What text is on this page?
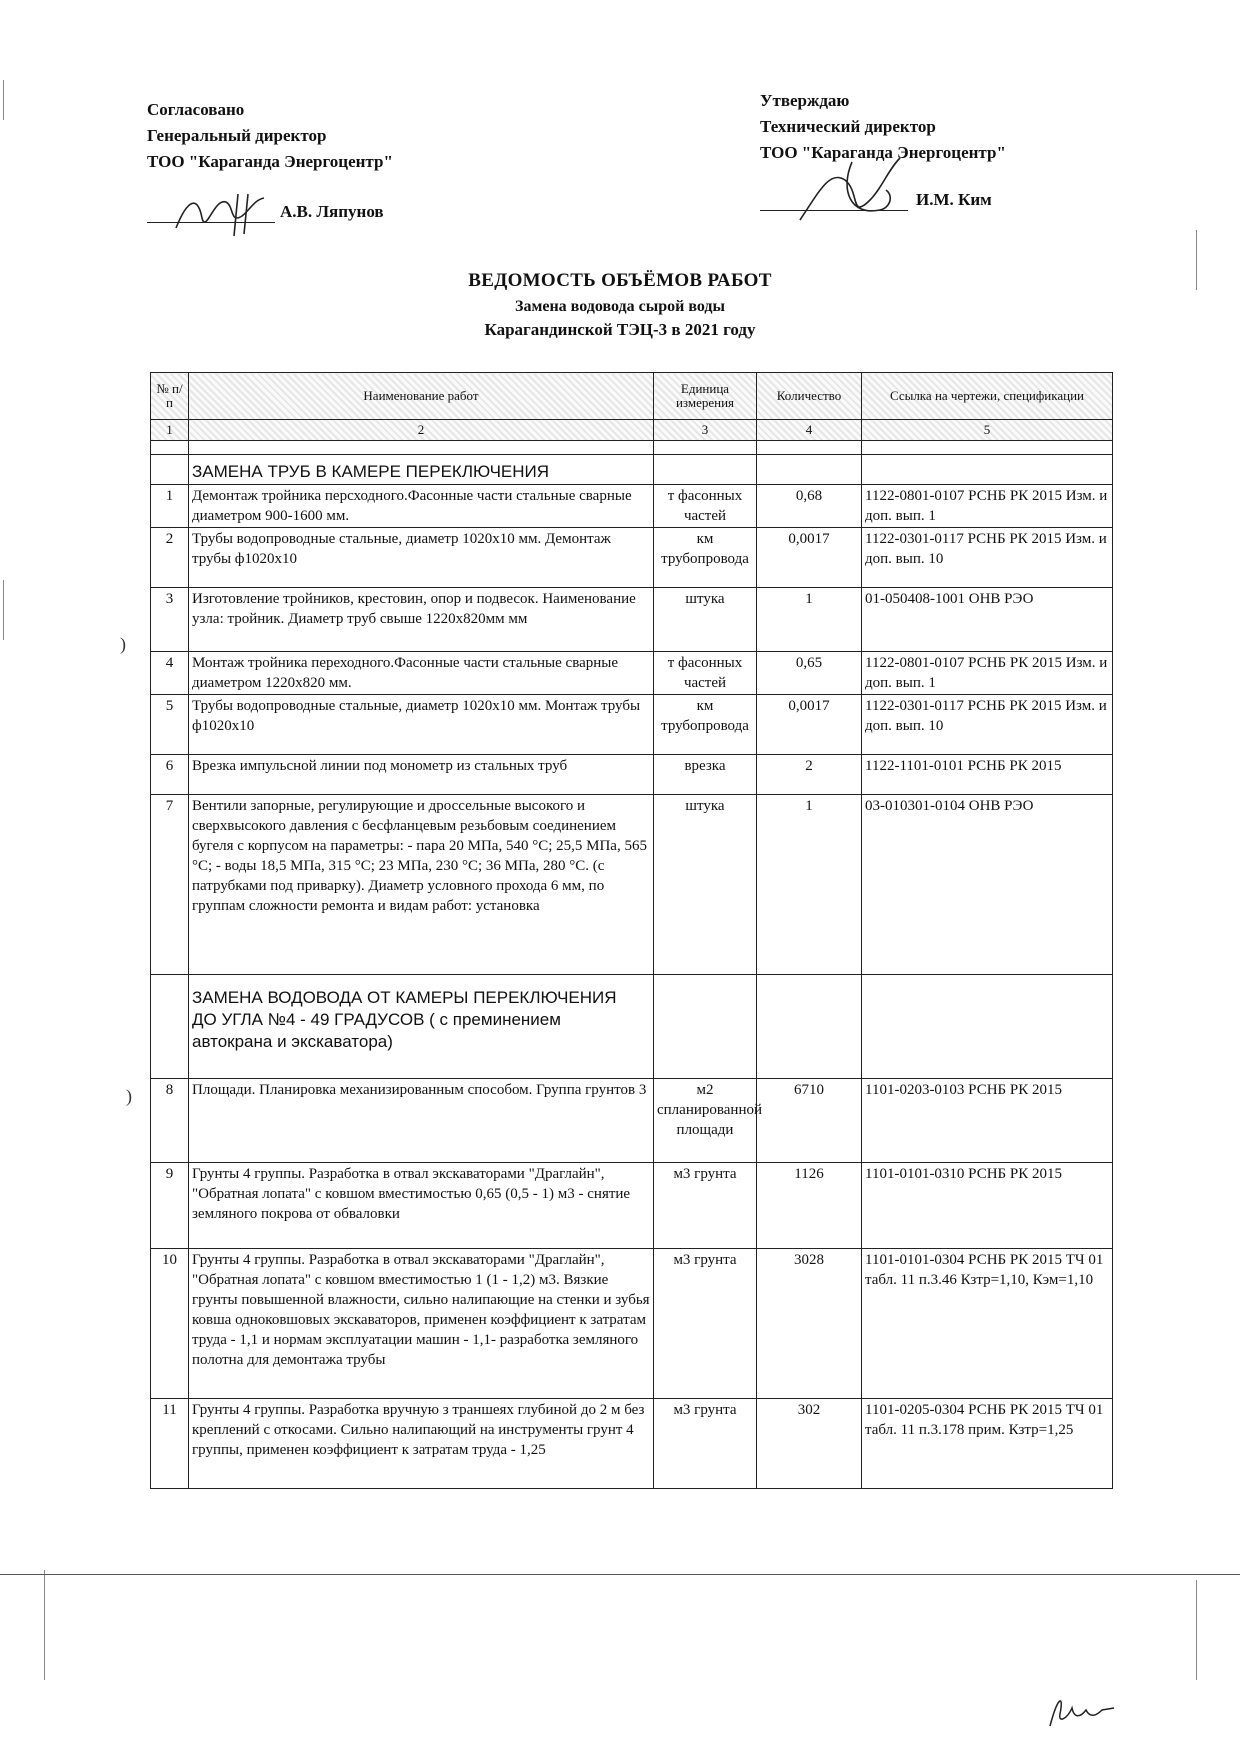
Согласовано
Генеральный директор
ТОО "Караганда Энергоцентр"
А.В. Ляпунов
Утверждаю
Технический директор
ТОО "Караганда Энергоцентр"
И.М. Ким
ВЕДОМОСТЬ ОБЪЁМОВ РАБОТ
Замена водовода сырой воды
Карагандинской ТЭЦ-3 в 2021 году
№ п/п	Наименование работ	Единица измерения	Количество	Ссылка на чертежи, спецификации
1	2	3	4	5

	ЗАМЕНА ТРУБ В КАМЕРЕ ПЕРЕКЛЮЧЕНИЯ			
1	Демонтаж тройника персходного.Фасонные части стальные сварные диаметром 900-1600 мм.	т фасонных частей	0,68	1122-0801-0107 РСНБ РК 2015 Изм. и доп. вып. 1
2	Трубы водопроводные стальные, диаметр 1020х10 мм. Демонтаж трубы ф1020х10	км трубопровода	0,0017	1122-0301-0117 РСНБ РК 2015 Изм. и доп. вып. 10
3	Изготовление тройников, крестовин, опор и подвесок. Наименование узла: тройник. Диаметр труб свыше 1220х820мм мм	штука	1	01-050408-1001 ОНВ РЭО
4	Монтаж тройника переходного.Фасонные части стальные сварные диаметром 1220х820 мм.	т фасонных частей	0,65	1122-0801-0107 РСНБ РК 2015 Изм. и доп. вып. 1
5	Трубы водопроводные стальные, диаметр 1020х10 мм. Монтаж трубы ф1020х10	км трубопровода	0,0017	1122-0301-0117 РСНБ РК 2015 Изм. и доп. вып. 10
6	Врезка импульсной линии под монометр из стальных труб	врезка	2	1122-1101-0101 РСНБ РК 2015
7	Вентили запорные, регулирующие и дроссельные высокого и сверхвысокого давления с бесфланцевым резьбовым соединением бугеля с корпусом на параметры: - пара 20 МПа, 540 °С; 25,5 МПа, 565 °С; - воды 18,5 МПа, 315 °С; 23 МПа, 230 °С; 36 МПа, 280 °С. (с патрубками под приварку). Диаметр условного прохода 6 мм, по группам сложности ремонта и видам работ: установка	штука	1	03-010301-0104 ОНВ РЭО
	ЗАМЕНА ВОДОВОДА ОТ КАМЕРЫ ПЕРЕКЛЮЧЕНИЯ ДО УГЛА №4 - 49 ГРАДУСОВ ( с преминением автокрана и экскаватора)			
8	Площади. Планировка механизированным способом. Группа грунтов 3	м2 спланированной площади	6710	1101-0203-0103 РСНБ РК 2015
9	Грунты 4 группы. Разработка в отвал экскаваторами "Драглайн", "Обратная лопата" с ковшом вместимостью 0,65 (0,5 - 1) м3 - снятие земляного покрова от обваловки	м3 грунта	1126	1101-0101-0310 РСНБ РК 2015
10	Грунты 4 группы. Разработка в отвал экскаваторами "Драглайн", "Обратная лопата" с ковшом вместимостью 1 (1 - 1,2) м3. Вязкие грунты повышенной влажности, сильно налипающие на стенки и зубья ковша одноковшовых экскаваторов, применен коэффициент к затратам труда - 1,1 и нормам эксплуатации машин - 1,1- разработка земляного полотна для демонтажа трубы	м3 грунта	3028	1101-0101-0304 РСНБ РК 2015 ТЧ 01 табл. 11 п.3.46 Кзтр=1,10, Кэм=1,10
11	Грунты 4 группы. Разработка вручную з траншеях глубиной до 2 м без креплений с откосами. Сильно налипающий на инструменты грунт 4 группы, применен коэффициент к затратам труда - 1,25	м3 грунта	302	1101-0205-0304 РСНБ РК 2015 ТЧ 01 табл. 11 п.3.178 прим. Кзтр=1,25
)
)
